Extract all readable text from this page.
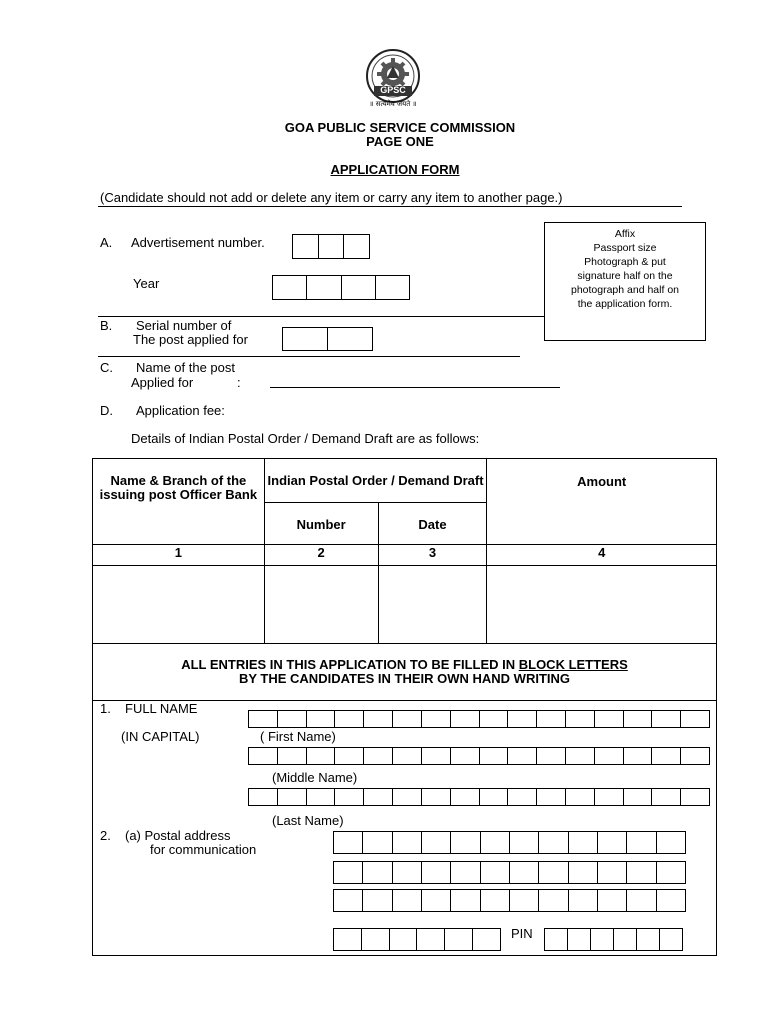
GPSC
॥ सत्यमेव जयते ॥
GOA PUBLIC SERVICE COMMISSION
PAGE ONE
APPLICATION FORM
(Candidate should not add or delete any item or carry any item to another page.)
Affix
Passport size
Photograph & put
signature half on the
photograph and half on
the application form.
A. Advertisement number.
Year
B. Serial number of
The post applied for
C. Name of the post
Applied for	:
D. Application fee:
Details of Indian Postal Order / Demand Draft are as follows:
Name & Branch of the issuing post Officer Bank	Indian Postal Order / Demand Draft		Amount
	Number	Date	
1	2	3	4

ALL ENTRIES IN THIS APPLICATION TO BE FILLED IN BLOCK LETTERS
BY THE CANDIDATES IN THEIR OWN HAND WRITING
1. FULL NAME
(IN CAPITAL)	( First Name)
(Middle Name)
(Last Name)
2. (a) Postal address
for communication
PIN
